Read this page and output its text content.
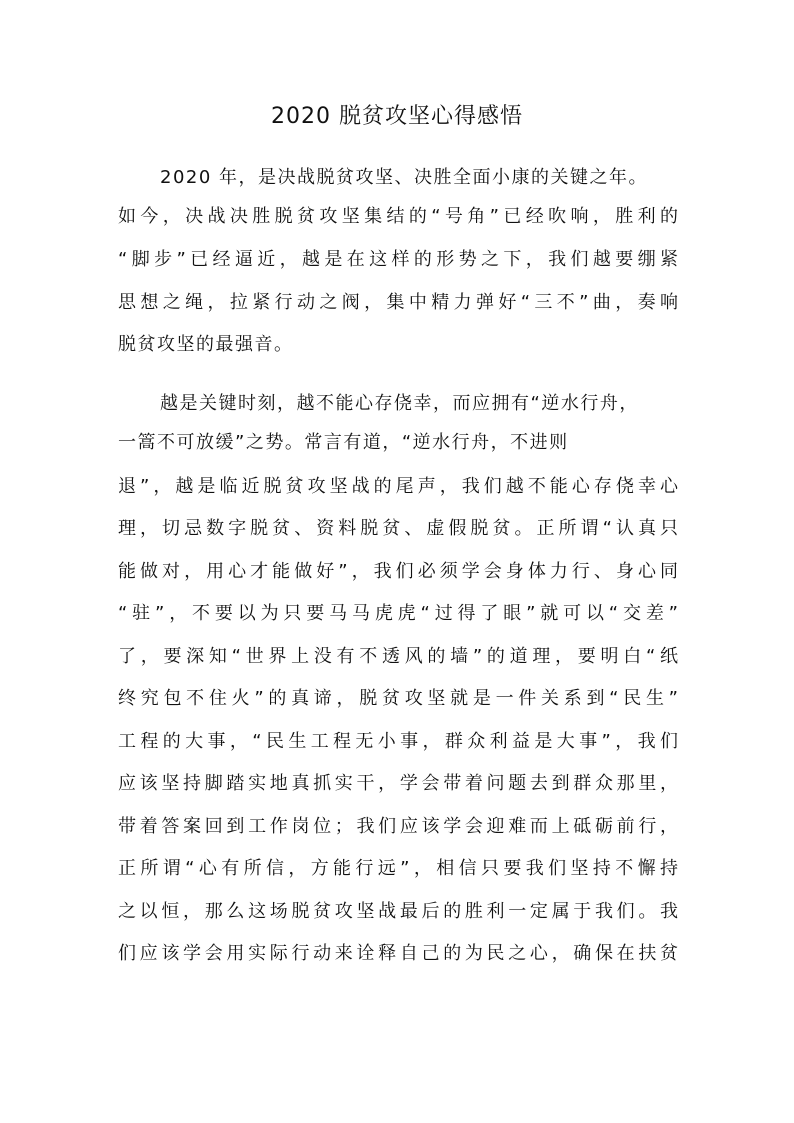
2020 脱贫攻坚心得感悟
2020 年，是决战脱贫攻坚、决胜全面小康的关键之年。
如今，决战决胜脱贫攻坚集结的“号角”已经吹响，胜利的
“脚步”已经逼近，越是在这样的形势之下，我们越要绷紧
思想之绳，拉紧行动之阀，集中精力弹好“三不”曲，奏响
脱贫攻坚的最强音。
越是关键时刻，越不能心存侥幸，而应拥有“逆水行舟，
一篙不可放缓”之势。常言有道，“逆水行舟，不进则
退”，越是临近脱贫攻坚战的尾声，我们越不能心存侥幸心
理，切忌数字脱贫、资料脱贫、虚假脱贫。正所谓“认真只
能做对，用心才能做好”，我们必须学会身体力行、身心同
“驻”，不要以为只要马马虎虎“过得了眼”就可以“交差”
了，要深知“世界上没有不透风的墙”的道理，要明白“纸
终究包不住火”的真谛，脱贫攻坚就是一件关系到“民生”
工程的大事，“民生工程无小事，群众利益是大事”，我们
应该坚持脚踏实地真抓实干，学会带着问题去到群众那里，
带着答案回到工作岗位；我们应该学会迎难而上砥砺前行，
正所谓“心有所信，方能行远”，相信只要我们坚持不懈持
之以恒，那么这场脱贫攻坚战最后的胜利一定属于我们。我
们应该学会用实际行动来诠释自己的为民之心，确保在扶贫
